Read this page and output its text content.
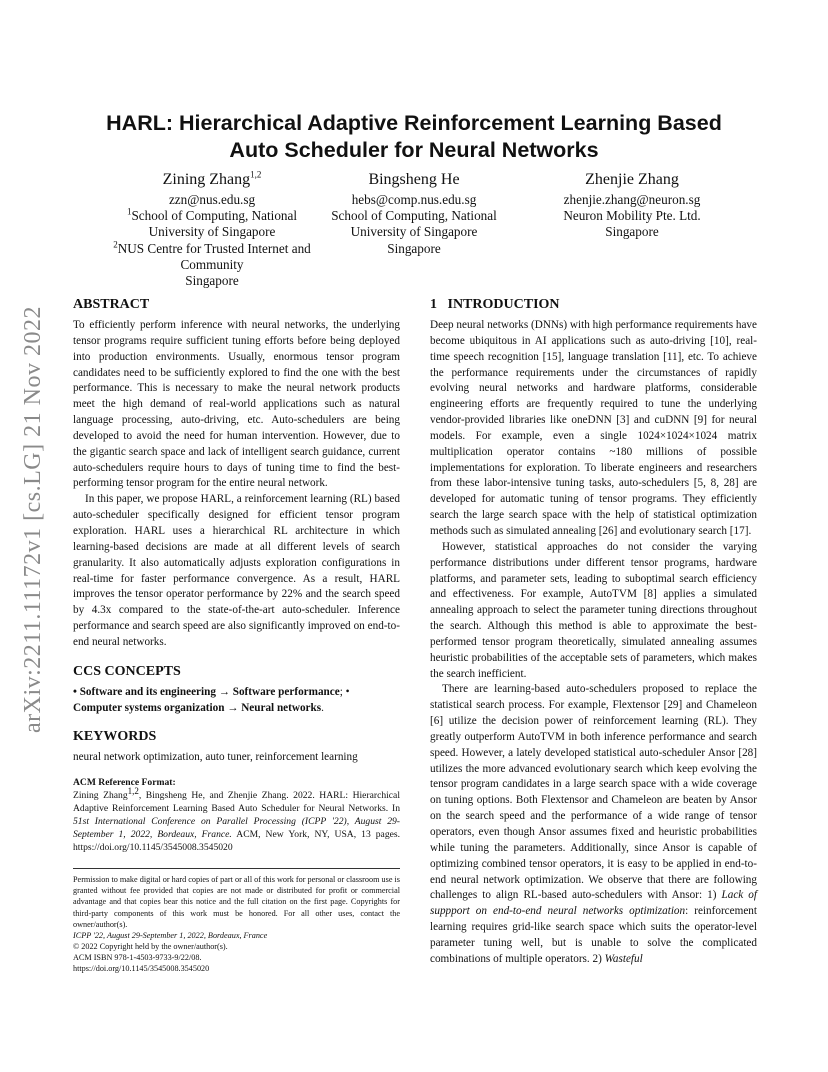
arXiv:2211.11172v1 [cs.LG] 21 Nov 2022
HARL: Hierarchical Adaptive Reinforcement Learning Based
Auto Scheduler for Neural Networks
Zining Zhang$^{1,2}$
zzn@nus.edu.sg
$^1$School of Computing, National
University of Singapore
$^2$NUS Centre for Trusted Internet and
Community
Singapore
Bingsheng He
hebs@comp.nus.edu.sg
School of Computing, National
University of Singapore
Singapore
Zhenjie Zhang
zhenjie.zhang@neuron.sg
Neuron Mobility Pte. Ltd.
Singapore
ABSTRACT

To efficiently perform inference with neural networks, the underlying tensor programs require sufficient tuning efforts before being deployed into production environments. Usually, enormous tensor program candidates need to be sufficiently explored to find the one with the best performance. This is necessary to make the neural network products meet the high demand of real-world applications such as natural language processing, auto-driving, etc. Auto-schedulers are being developed to avoid the need for human intervention. However, due to the gigantic search space and lack of intelligent search guidance, current auto-schedulers require hours to days of tuning time to find the best-performing tensor program for the entire neural network.

In this paper, we propose HARL, a reinforcement learning (RL) based auto-scheduler specifically designed for efficient tensor program exploration. HARL uses a hierarchical RL architecture in which learning-based decisions are made at all different levels of search granularity. It also automatically adjusts exploration configurations in real-time for faster performance convergence. As a result, HARL improves the tensor operator performance by 22% and the search speed by 4.3x compared to the state-of-the-art auto-scheduler. Inference performance and search speed are also significantly improved on end-to-end neural networks.

CCS CONCEPTS
• Software and its engineering → Software performance; • Computer systems organization → Neural networks.
KEYWORDS

neural network optimization, auto tuner, reinforcement learning

ACM Reference Format:
Zining Zhang$^{1,2}$, Bingsheng He, and Zhenjie Zhang. 2022. HARL: Hierarchical Adaptive Reinforcement Learning Based Auto Scheduler for Neural Networks. In 51st International Conference on Parallel Processing (ICPP '22), August 29-September 1, 2022, Bordeaux, France. ACM, New York, NY, USA, 13 pages. https://doi.org/10.1145/3545008.3545020
Permission to make digital or hard copies of part or all of this work for personal or classroom use is granted without fee provided that copies are not made or distributed for profit or commercial advantage and that copies bear this notice and the full citation on the first page. Copyrights for third-party components of this work must be honored. For all other uses, contact the owner/author(s).
ICPP '22, August 29-September 1, 2022, Bordeaux, France
© 2022 Copyright held by the owner/author(s).
ACM ISBN 978-1-4503-9733-9/22/08.
https://doi.org/10.1145/3545008.3545020
1   INTRODUCTION

Deep neural networks (DNNs) with high performance requirements have become ubiquitous in AI applications such as auto-driving [10], real-time speech recognition [15], language translation [11], etc. To achieve the performance requirements under the circumstances of rapidly evolving neural networks and hardware platforms, considerable engineering efforts are frequently required to tune the underlying vendor-provided libraries like oneDNN [3] and cuDNN [9] for neural models. For example, even a single 1024×1024×1024 matrix multiplication operator contains ~180 millions of possible implementations for exploration. To liberate engineers and researchers from these labor-intensive tuning tasks, auto-schedulers [5, 8, 28] are developed for automatic tuning of tensor programs. They efficiently search the large search space with the help of statistical optimization methods such as simulated annealing [26] and evolutionary search [17].

However, statistical approaches do not consider the varying performance distributions under different tensor programs, hardware platforms, and parameter sets, leading to suboptimal search efficiency and effectiveness. For example, AutoTVM [8] applies a simulated annealing approach to select the parameter tuning directions throughout the search. Although this method is able to approximate the best-performed tensor program theoretically, simulated annealing assumes heuristic probabilities of the acceptable sets of parameters, which makes the search inefficient.

There are learning-based auto-schedulers proposed to replace the statistical search process. For example, Flextensor [29] and Chameleon [6] utilize the decision power of reinforcement learning (RL). They greatly outperform AutoTVM in both inference performance and search speed. However, a lately developed statistical auto-scheduler Ansor [28] utilizes the more advanced evolutionary search which keep evolving the tensor program candidates in a large search space with a wide coverage on tuning options. Both Flextensor and Chameleon are beaten by Ansor on the search speed and the performance of a wide range of tensor operators, even though Ansor assumes fixed and heuristic probabilities while tuning the parameters. Additionally, since Ansor is capable of optimizing combined tensor operators, it is easy to be applied in end-to-end neural network optimization. We observe that there are following challenges to align RL-based auto-schedulers with Ansor: 1) Lack of suppport on end-to-end neural networks optimization: reinforcement learning requires grid-like search space which suits the operator-level parameter tuning well, but is unable to solve the complicated combinations of multiple operators. 2) Wasteful
